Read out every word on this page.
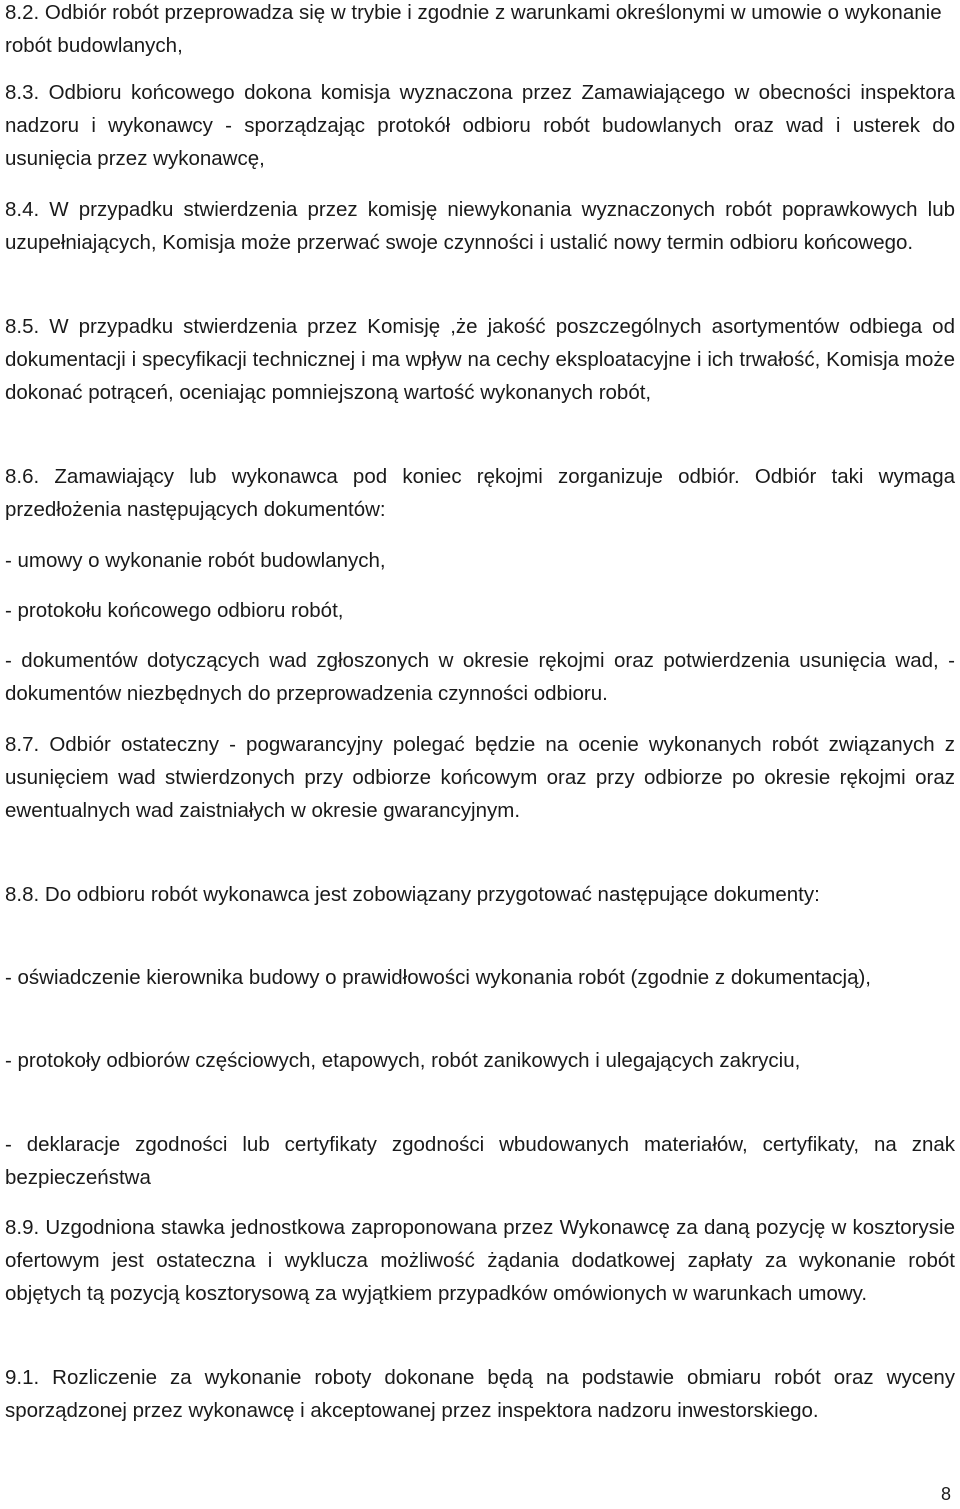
8.2. Odbiór robót przeprowadza się w trybie i zgodnie z warunkami określonymi w umowie o wykonanie robót budowlanych,

8.3. Odbioru końcowego dokona komisja wyznaczona przez Zamawiającego w obecności inspektora nadzoru i wykonawcy - sporządzając protokół odbioru robót budowlanych oraz wad i usterek do usunięcia przez wykonawcę,

8.4. W przypadku stwierdzenia przez komisję niewykonania wyznaczonych robót poprawkowych lub uzupełniających, Komisja może przerwać swoje czynności i ustalić nowy termin odbioru końcowego.

8.5. W przypadku stwierdzenia przez Komisję ,że jakość poszczególnych asortymentów odbiega od dokumentacji i specyfikacji technicznej i ma wpływ na cechy eksploatacyjne i ich trwałość, Komisja może dokonać potrąceń, oceniając pomniejszoną wartość wykonanych robót,

8.6. Zamawiający lub wykonawca pod koniec rękojmi zorganizuje odbiór. Odbiór taki wymaga przedłożenia następujących dokumentów:

- umowy o wykonanie robót budowlanych,

- protokołu końcowego odbioru robót,

- dokumentów dotyczących wad zgłoszonych w okresie rękojmi oraz potwierdzenia usunięcia wad, - dokumentów niezbędnych do przeprowadzenia czynności odbioru.

8.7. Odbiór ostateczny - pogwarancyjny polegać będzie na ocenie wykonanych robót związanych z usunięciem wad stwierdzonych przy odbiorze końcowym oraz przy odbiorze po okresie rękojmi oraz ewentualnych wad zaistniałych w okresie gwarancyjnym.

8.8. Do odbioru robót wykonawca jest zobowiązany przygotować następujące dokumenty:

- oświadczenie kierownika budowy o prawidłowości wykonania robót (zgodnie z dokumentacją),

- protokoły odbiorów częściowych, etapowych, robót zanikowych i ulegających zakryciu,

- deklaracje zgodności lub certyfikaty zgodności wbudowanych materiałów, certyfikaty, na znak bezpieczeństwa

8.9. Uzgodniona stawka jednostkowa zaproponowana przez Wykonawcę za daną pozycję w kosztorysie ofertowym jest ostateczna i wyklucza możliwość żądania dodatkowej zapłaty za wykonanie robót objętych tą pozycją kosztorysową za wyjątkiem przypadków omówionych w warunkach umowy.

9.1. Rozliczenie za wykonanie roboty dokonane będą na podstawie obmiaru robót oraz wyceny sporządzonej przez wykonawcę i akceptowanej przez inspektora nadzoru inwestorskiego.

8
